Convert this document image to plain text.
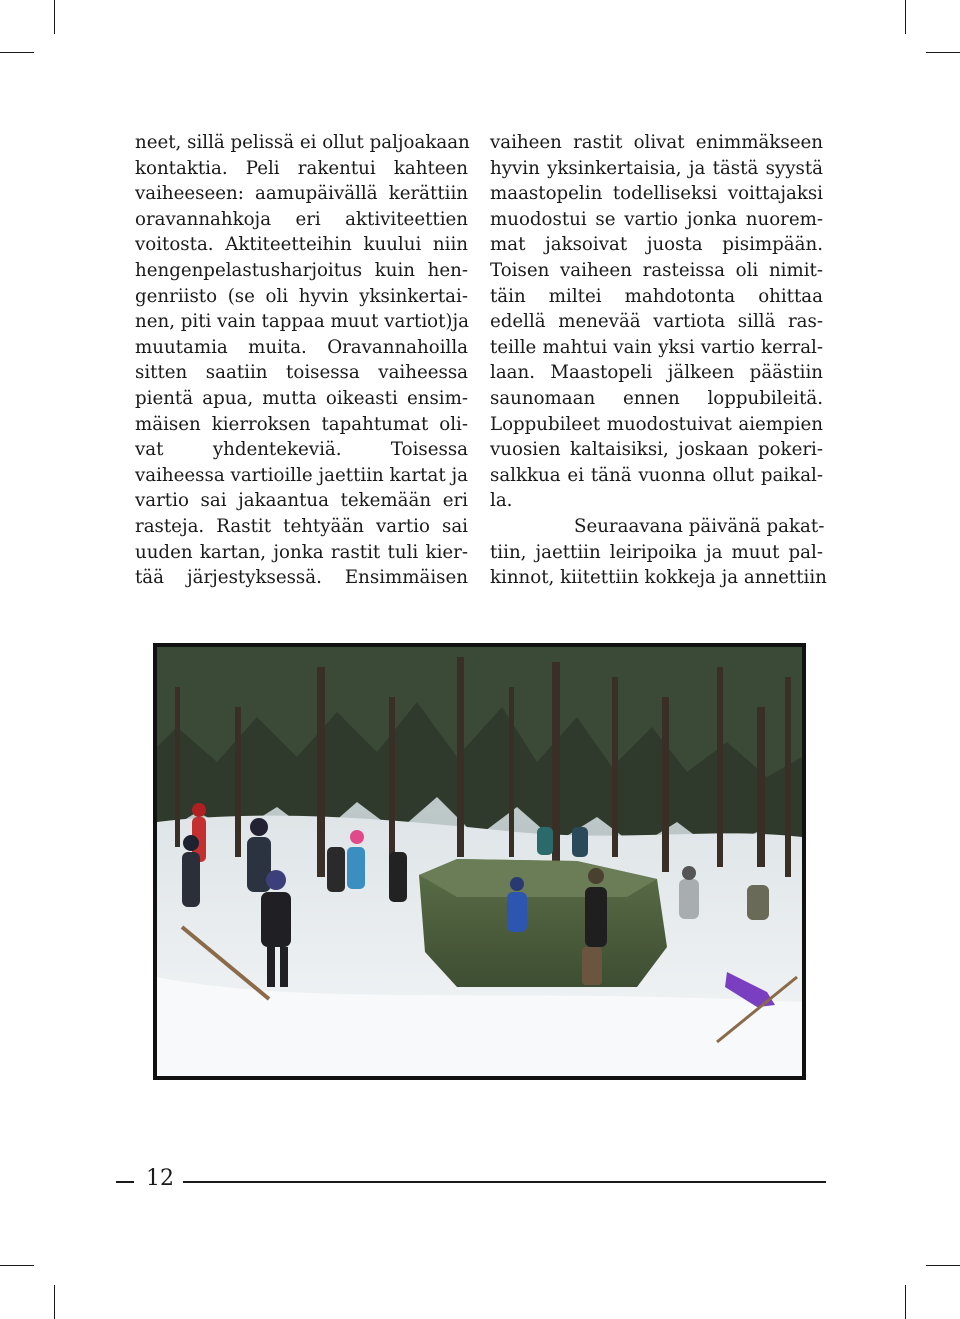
neet, sillä pelissä ei ollut paljoakaan
kontaktia. Peli rakentui kahteen
vaiheeseen: aamupäivällä kerättiin
oravannahkoja eri aktiviteettien
voitosta. Aktiteetteihin kuului niin
hengenpelastusharjoitus kuin hen-
genriisto (se oli hyvin yksinkertai-
nen, piti vain tappaa muut vartiot)ja
muutamia muita. Oravannahoilla
sitten saatiin toisessa vaiheessa
pientä apua, mutta oikeasti ensim-
mäisen kierroksen tapahtumat oli-
vat yhdentekeviä. Toisessa
vaiheessa vartioille jaettiin kartat ja
vartio sai jakaantua tekemään eri
rasteja. Rastit tehtyään vartio sai
uuden kartan, jonka rastit tuli kier-
tää järjestyksessä. Ensimmäisen
vaiheen rastit olivat enimmäkseen
hyvin yksinkertaisia, ja tästä syystä
maastopelin todelliseksi voittajaksi
muodostui se vartio jonka nuorem-
mat jaksoivat juosta pisimpään.
Toisen vaiheen rasteissa oli nimit-
täin miltei mahdotonta ohittaa
edellä menevää vartiota sillä ras-
teille mahtui vain yksi vartio kerral-
laan. Maastopeli jälkeen päästiin
saunomaan ennen loppubileitä.
Loppubileet muodostuivat aiempien
vuosien kaltaisiksi, joskaan pokeri-
salkkua ei tänä vuonna ollut paikal-
la.
Seuraavana päivänä pakat-
tiin, jaettiin leiripoika ja muut pal-
kinnot, kiitettiin kokkeja ja annettiin
12
